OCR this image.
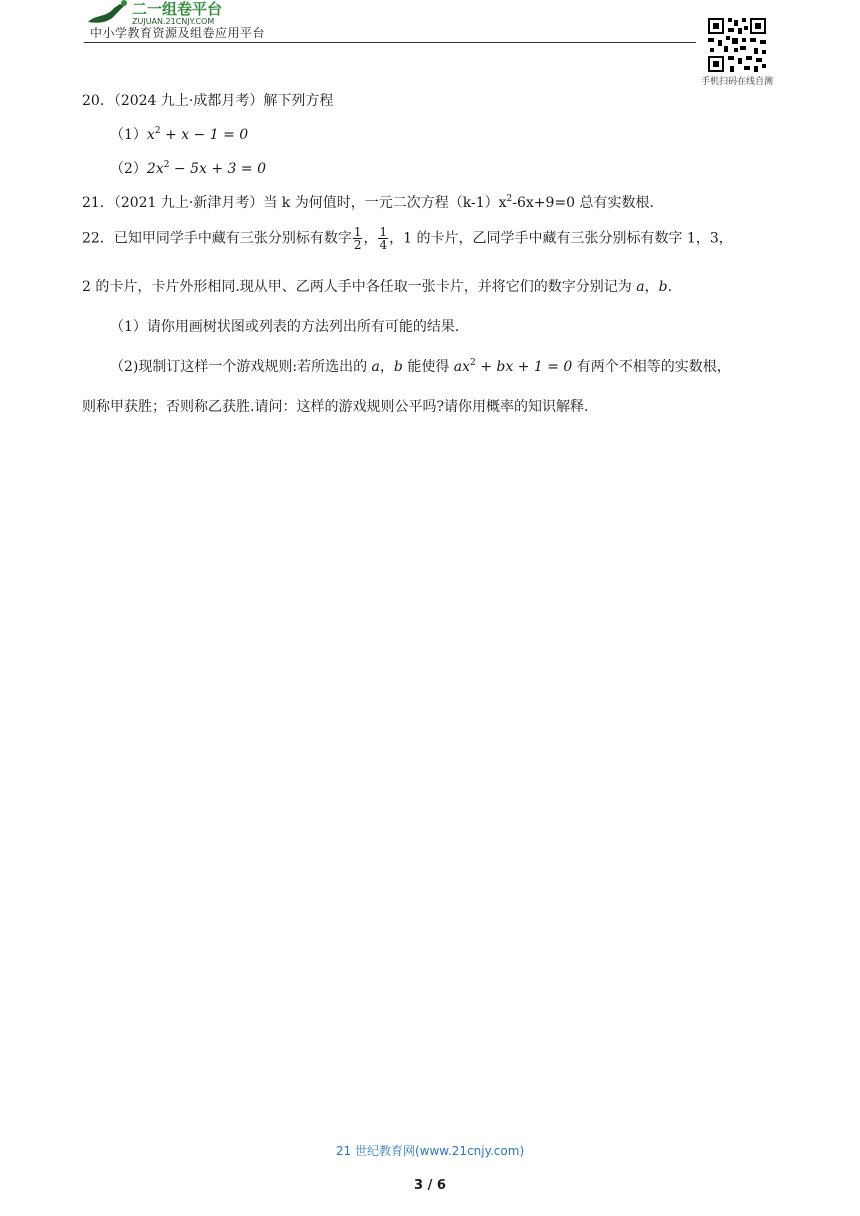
二一组卷平台
ZUJUAN.21CNJY.COM
中小学教育资源及组卷应用平台
手机扫码在线自测
20．（2024 九上·成都月考）解下列方程
$(1)x^2 + x - 1 = 0$
$(2)2x^2 - 5x + 3 = 0$
21．（2021 九上·新津月考）当 k 为何值时，一元二次方程$(k-1)x^2-6x+9=0$ 总有实数根.
22．已知甲同学手中藏有三张分别标有数字 $\frac{1}{2}$ ， $\frac{1}{4}$ ，1 的卡片，乙同学手中藏有三张分别标有数字 1，3，
2 的卡片，卡片外形相同.现从甲、乙两人手中各任取一张卡片，并将它们的数字分别记为 a，b.
（1）请你用画树状图或列表的方法列出所有可能的结果.
（2)现制订这样一个游戏规则:若所选出的 a，b 能使得 $ax^2$ + bx + 1 = 0 有两个不相等的实数根，
则称甲获胜；否则称乙获胜.请问：这样的游戏规则公平吗?请你用概率的知识解释.
21 世纪教育网(www.21cnjy.com)
3 / 6
